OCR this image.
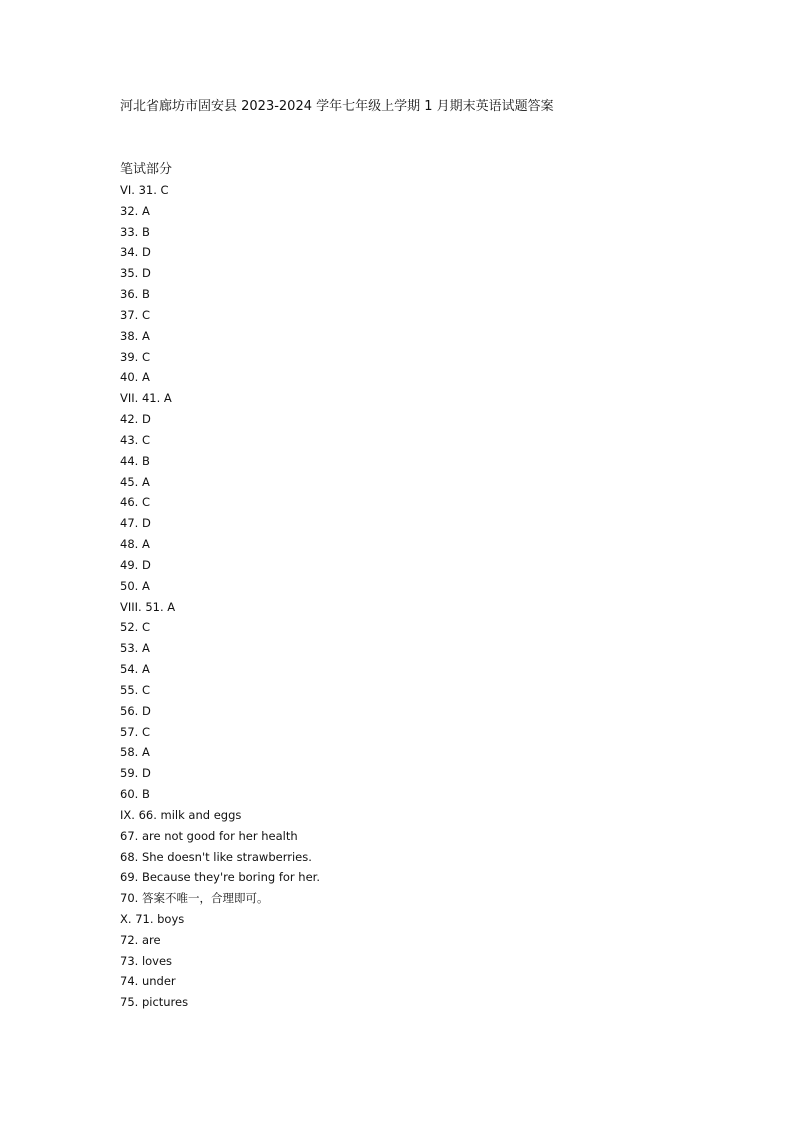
河北省廊坊市固安县 2023-2024 学年七年级上学期 1 月期末英语试题答案
笔试部分
VI. 31. C
32. A
33. B
34. D
35. D
36. B
37. C
38. A
39. C
40. A
VII. 41. A
42. D
43. C
44. B
45. A
46. C
47. D
48. A
49. D
50. A
VIII. 51. A
52. C
53. A
54. A
55. C
56. D
57. C
58. A
59. D
60. B
IX. 66. milk and eggs
67. are not good for her health
68. She doesn't like strawberries.
69. Because they're boring for her.
70. 答案不唯一，合理即可。
X. 71. boys
72. are
73. loves
74. under
75. pictures
